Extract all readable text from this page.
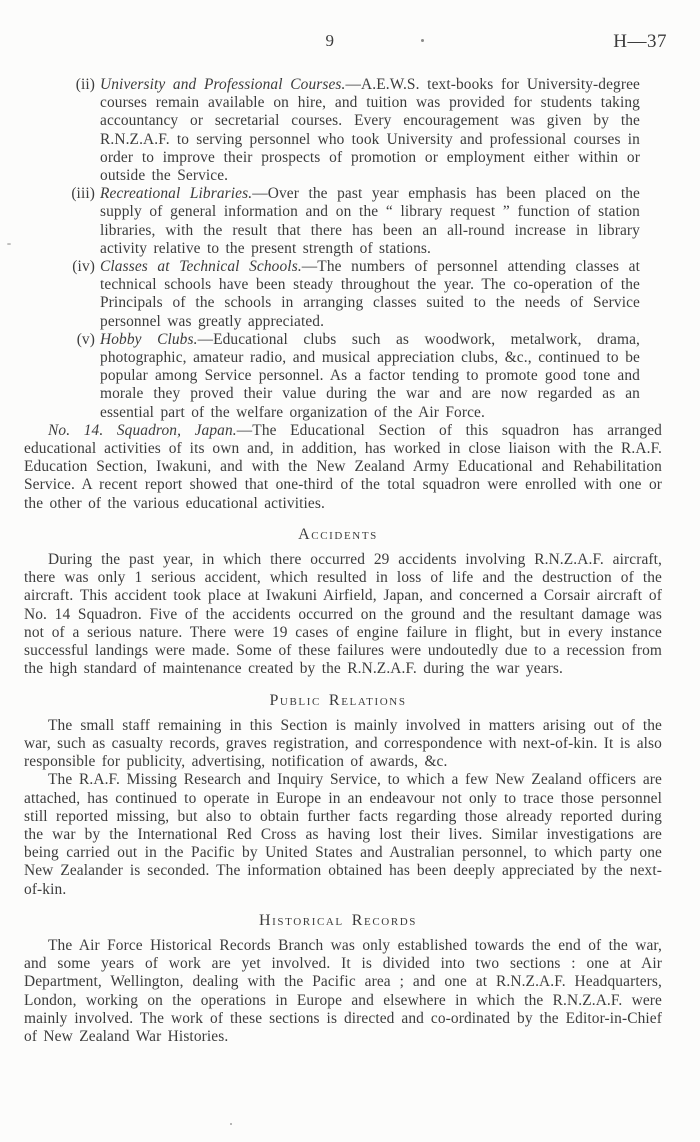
9	H—37
(ii) University and Professional Courses.—A.E.W.S. text-books for University-degree courses remain available on hire, and tuition was provided for students taking accountancy or secretarial courses. Every encouragement was given by the R.N.Z.A.F. to serving personnel who took University and professional courses in order to improve their prospects of promotion or employment either within or outside the Service.
(iii) Recreational Libraries.—Over the past year emphasis has been placed on the supply of general information and on the “ library request ” function of station libraries, with the result that there has been an all-round increase in library activity relative to the present strength of stations.
(iv) Classes at Technical Schools.—The numbers of personnel attending classes at technical schools have been steady throughout the year. The co-operation of the Principals of the schools in arranging classes suited to the needs of Service personnel was greatly appreciated.
(v) Hobby Clubs.—Educational clubs such as woodwork, metalwork, drama, photographic, amateur radio, and musical appreciation clubs, &c., continued to be popular among Service personnel. As a factor tending to promote good tone and morale they proved their value during the war and are now regarded as an essential part of the welfare organization of the Air Force.

No. 14. Squadron, Japan.—The Educational Section of this squadron has arranged educational activities of its own and, in addition, has worked in close liaison with the R.A.F. Education Section, Iwakuni, and with the New Zealand Army Educational and Rehabilitation Service. A recent report showed that one-third of the total squadron were enrolled with one or the other of the various educational activities.

Accidents

During the past year, in which there occurred 29 accidents involving R.N.Z.A.F. aircraft, there was only 1 serious accident, which resulted in loss of life and the destruction of the aircraft. This accident took place at Iwakuni Airfield, Japan, and concerned a Corsair aircraft of No. 14 Squadron. Five of the accidents occurred on the ground and the resultant damage was not of a serious nature. There were 19 cases of engine failure in flight, but in every instance successful landings were made. Some of these failures were undoutedly due to a recession from the high standard of maintenance created by the R.N.Z.A.F. during the war years.

Public Relations

The small staff remaining in this Section is mainly involved in matters arising out of the war, such as casualty records, graves registration, and correspondence with next-of-kin. It is also responsible for publicity, advertising, notification of awards, &c.

The R.A.F. Missing Research and Inquiry Service, to which a few New Zealand officers are attached, has continued to operate in Europe in an endeavour not only to trace those personnel still reported missing, but also to obtain further facts regarding those already reported during the war by the International Red Cross as having lost their lives. Similar investigations are being carried out in the Pacific by United States and Australian personnel, to which party one New Zealander is seconded. The information obtained has been deeply appreciated by the next-of-kin.

Historical Records

The Air Force Historical Records Branch was only established towards the end of the war, and some years of work are yet involved. It is divided into two sections : one at Air Department, Wellington, dealing with the Pacific area ; and one at R.N.Z.A.F. Headquarters, London, working on the operations in Europe and elsewhere in which the R.N.Z.A.F. were mainly involved. The work of these sections is directed and co-ordinated by the Editor-in-Chief of New Zealand War Histories.
